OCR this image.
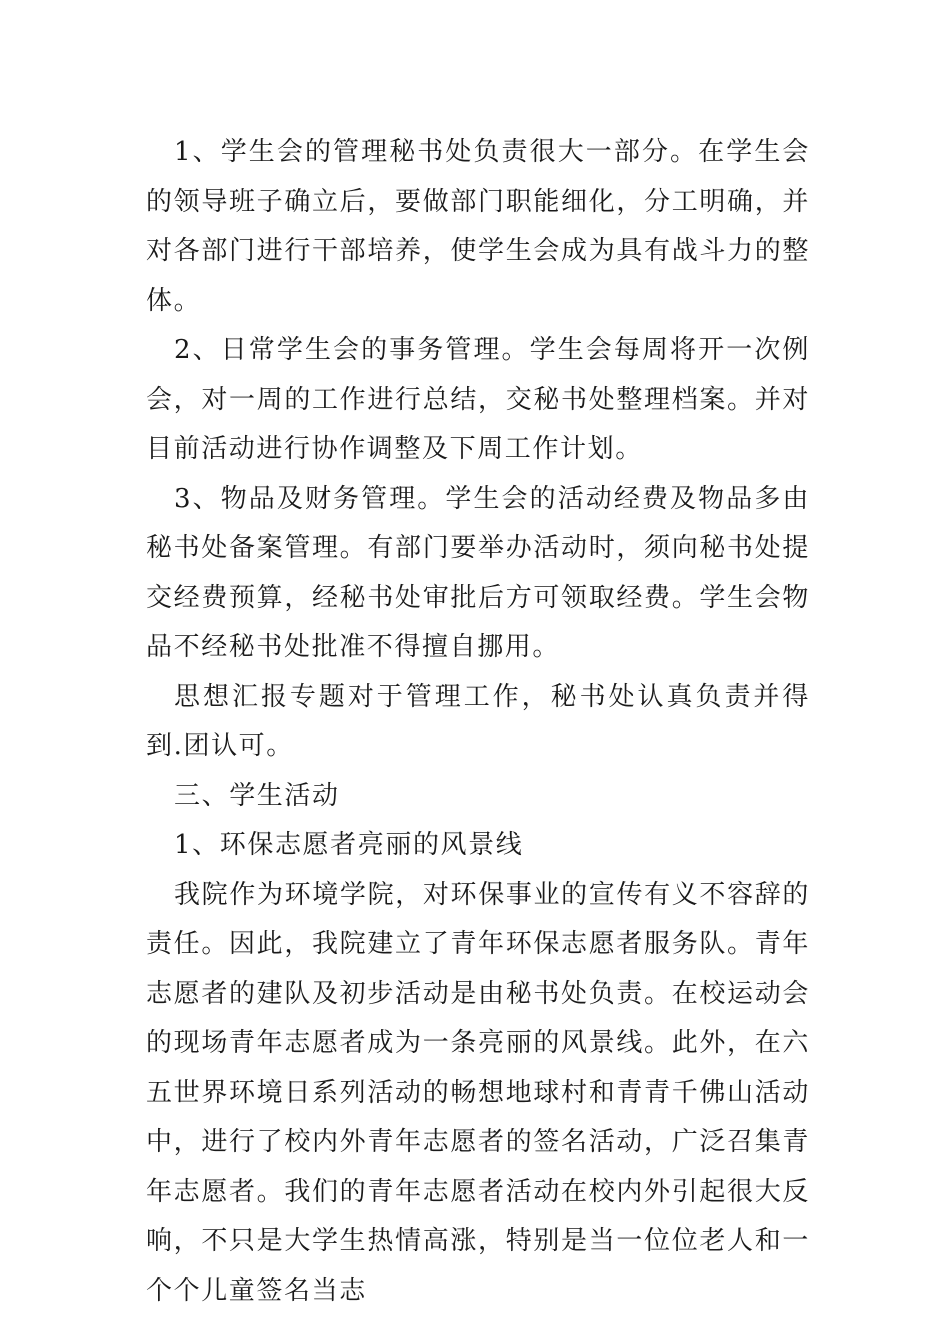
1、学生会的管理秘书处负责很大一部分。在学生会的领导班子确立后，要做部门职能细化，分工明确，并对各部门进行干部培养，使学生会成为具有战斗力的整体。

2、日常学生会的事务管理。学生会每周将开一次例会，对一周的工作进行总结，交秘书处整理档案。并对目前活动进行协作调整及下周工作计划。

3、物品及财务管理。学生会的活动经费及物品多由秘书处备案管理。有部门要举办活动时，须向秘书处提交经费预算，经秘书处审批后方可领取经费。学生会物品不经秘书处批准不得擅自挪用。

思想汇报专题对于管理工作，秘书处认真负责并得到.团认可。

三、学生活动

1、环保志愿者亮丽的风景线

我院作为环境学院，对环保事业的宣传有义不容辞的责任。因此，我院建立了青年环保志愿者服务队。青年志愿者的建队及初步活动是由秘书处负责。在校运动会的现场青年志愿者成为一条亮丽的风景线。此外，在六五世界环境日系列活动的畅想地球村和青青千佛山活动中，进行了校内外青年志愿者的签名活动，广泛召集青年志愿者。我们的青年志愿者活动在校内外引起很大反响，不只是大学生热情高涨，特别是当一位位老人和一个个儿童签名当志
